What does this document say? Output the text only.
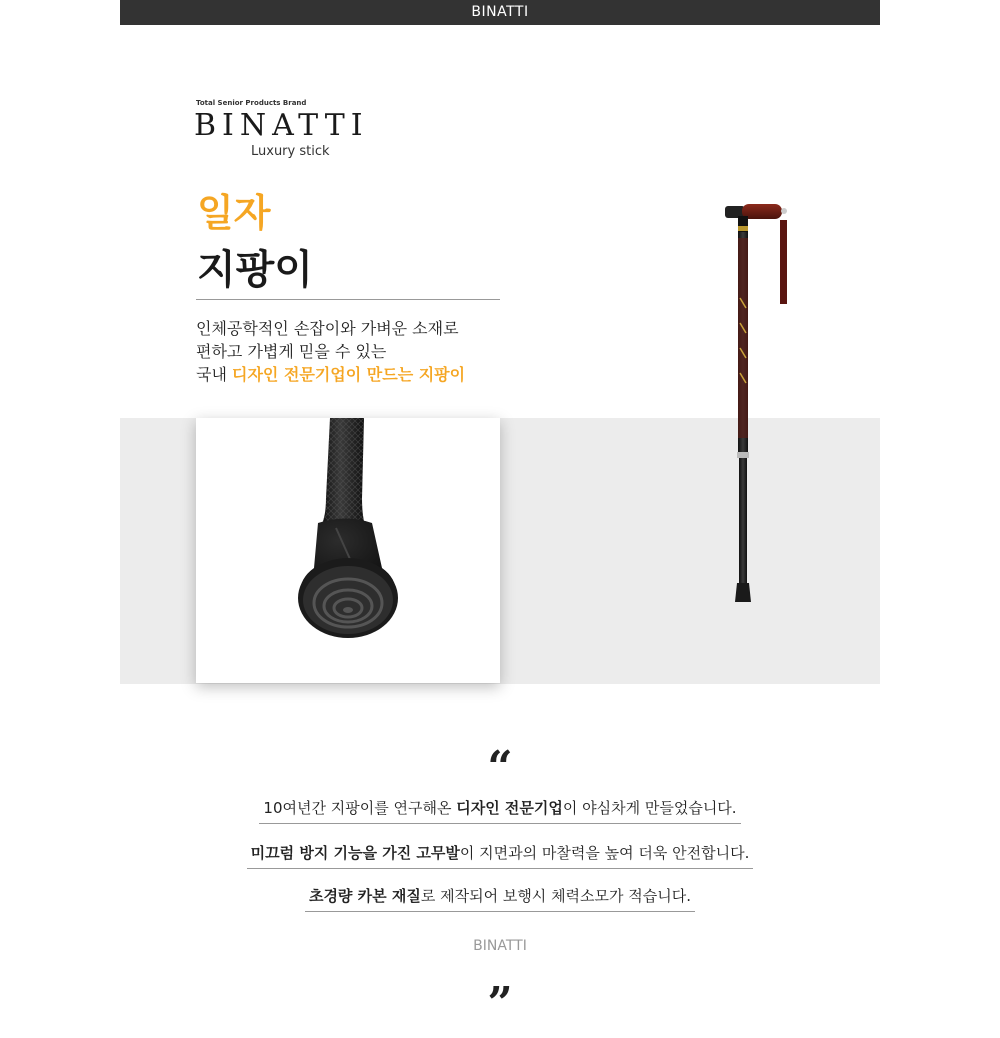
BINATTI
Total Senior Products Brand
BINATTI
Luxury stick
일자
지팡이

인체공학적인 손잡이와 가벼운 소재로

편하고 가볍게 믿을 수 있는

국내 디자인 전문기업이 만드는 지팡이

“
10여년간 지팡이를 연구해온 디자인 전문기업이 야심차게 만들었습니다.
미끄럼 방지 기능을 가진 고무발이 지면과의 마찰력을 높여 더욱 안전합니다.
초경량 카본 재질로 제작되어 보행시 체력소모가 적습니다.
BINATTI
”
